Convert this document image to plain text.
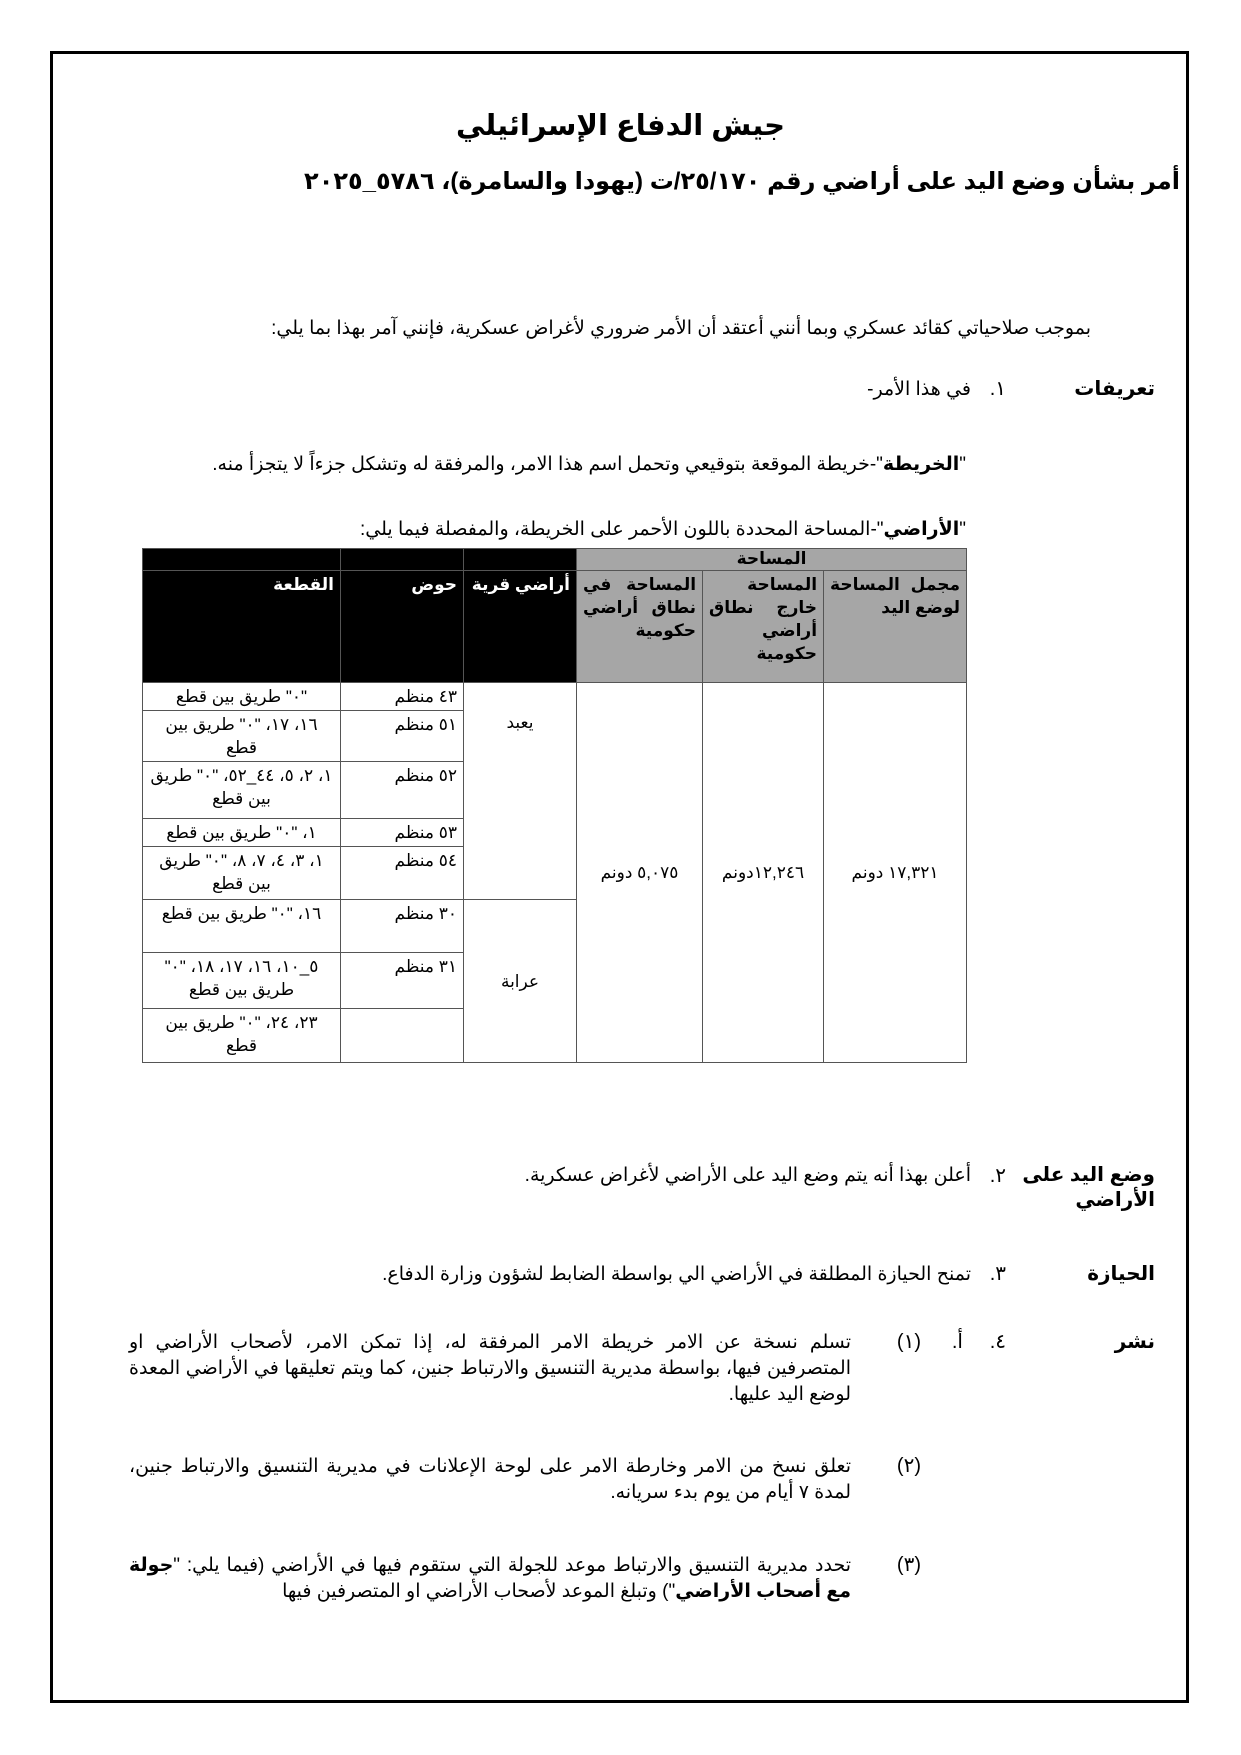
جيش الدفاع الإسرائيلي
أمر بشأن وضع اليد على أراضي رقم ٢٥/١٧٠/ت (يهودا والسامرة)، ٥٧٨٦_٢٠٢٥
بموجب صلاحياتي كقائد عسكري وبما أنني أعتقد أن الأمر ضروري لأغراض عسكرية، فإنني آمر بهذا بما يلي:
تعريفات
١.
في هذا الأمر-
"الخريطة"-خريطة الموقعة بتوقيعي وتحمل اسم هذا الامر، والمرفقة له وتشكل جزءاً لا يتجزأ منه.
"الأراضي"-المساحة المحددة باللون الأحمر على الخريطة، والمفصلة فيما يلي:
المساحة					
مجمل المساحة لوضع اليد	المساحة خارج نطاق أراضي حكومية	المساحة في نطاق أراضي حكومية	أراضي قرية	حوض	القطعة
١٧,٣٢١ دونم	١٢,٢٤٦دونم	٥,٠٧٥ دونم	يعبد	٤٣ منظم	"٠" طريق بين قطع
				٥١ منظم	١٦، ١٧، "٠" طريق بين قطع
				٥٢ منظم	١، ٢، ٥، ٤٤_٥٢، "٠" طريق بين قطع
				٥٣ منظم	١، "٠" طريق بين قطع
				٥٤ منظم	١، ٣، ٤، ٧، ٨، "٠" طريق بين قطع
			عرابة	٣٠ منظم	١٦، "٠" طريق بين قطع
				٣١ منظم	٥_١٠، ١٦، ١٧، ١٨، "٠" طريق بين قطع
					٢٣، ٢٤، "٠" طريق بين قطع
وضع اليد على الأراضي
٢.
أعلن بهذا أنه يتم وضع اليد على الأراضي لأغراض عسكرية.
الحيازة
٣.
تمنح الحيازة المطلقة في الأراضي الي بواسطة الضابط لشؤون وزارة الدفاع.
نشر
٤.
أ.
(١)
تسلم نسخة عن الامر خريطة الامر المرفقة له، إذا تمكن الامر، لأصحاب الأراضي او المتصرفين فيها، بواسطة مديرية التنسيق والارتباط جنين، كما ويتم تعليقها في الأراضي المعدة لوضع اليد عليها.
(٢)
تعلق نسخ من الامر وخارطة الامر على لوحة الإعلانات في مديرية التنسيق والارتباط جنين، لمدة ٧ أيام من يوم بدء سريانه.
(٣)
تحدد مديرية التنسيق والارتباط موعد للجولة التي ستقوم فيها في الأراضي (فيما يلي: "جولة مع أصحاب الأراضي") وتبلغ الموعد لأصحاب الأراضي او المتصرفين فيها
